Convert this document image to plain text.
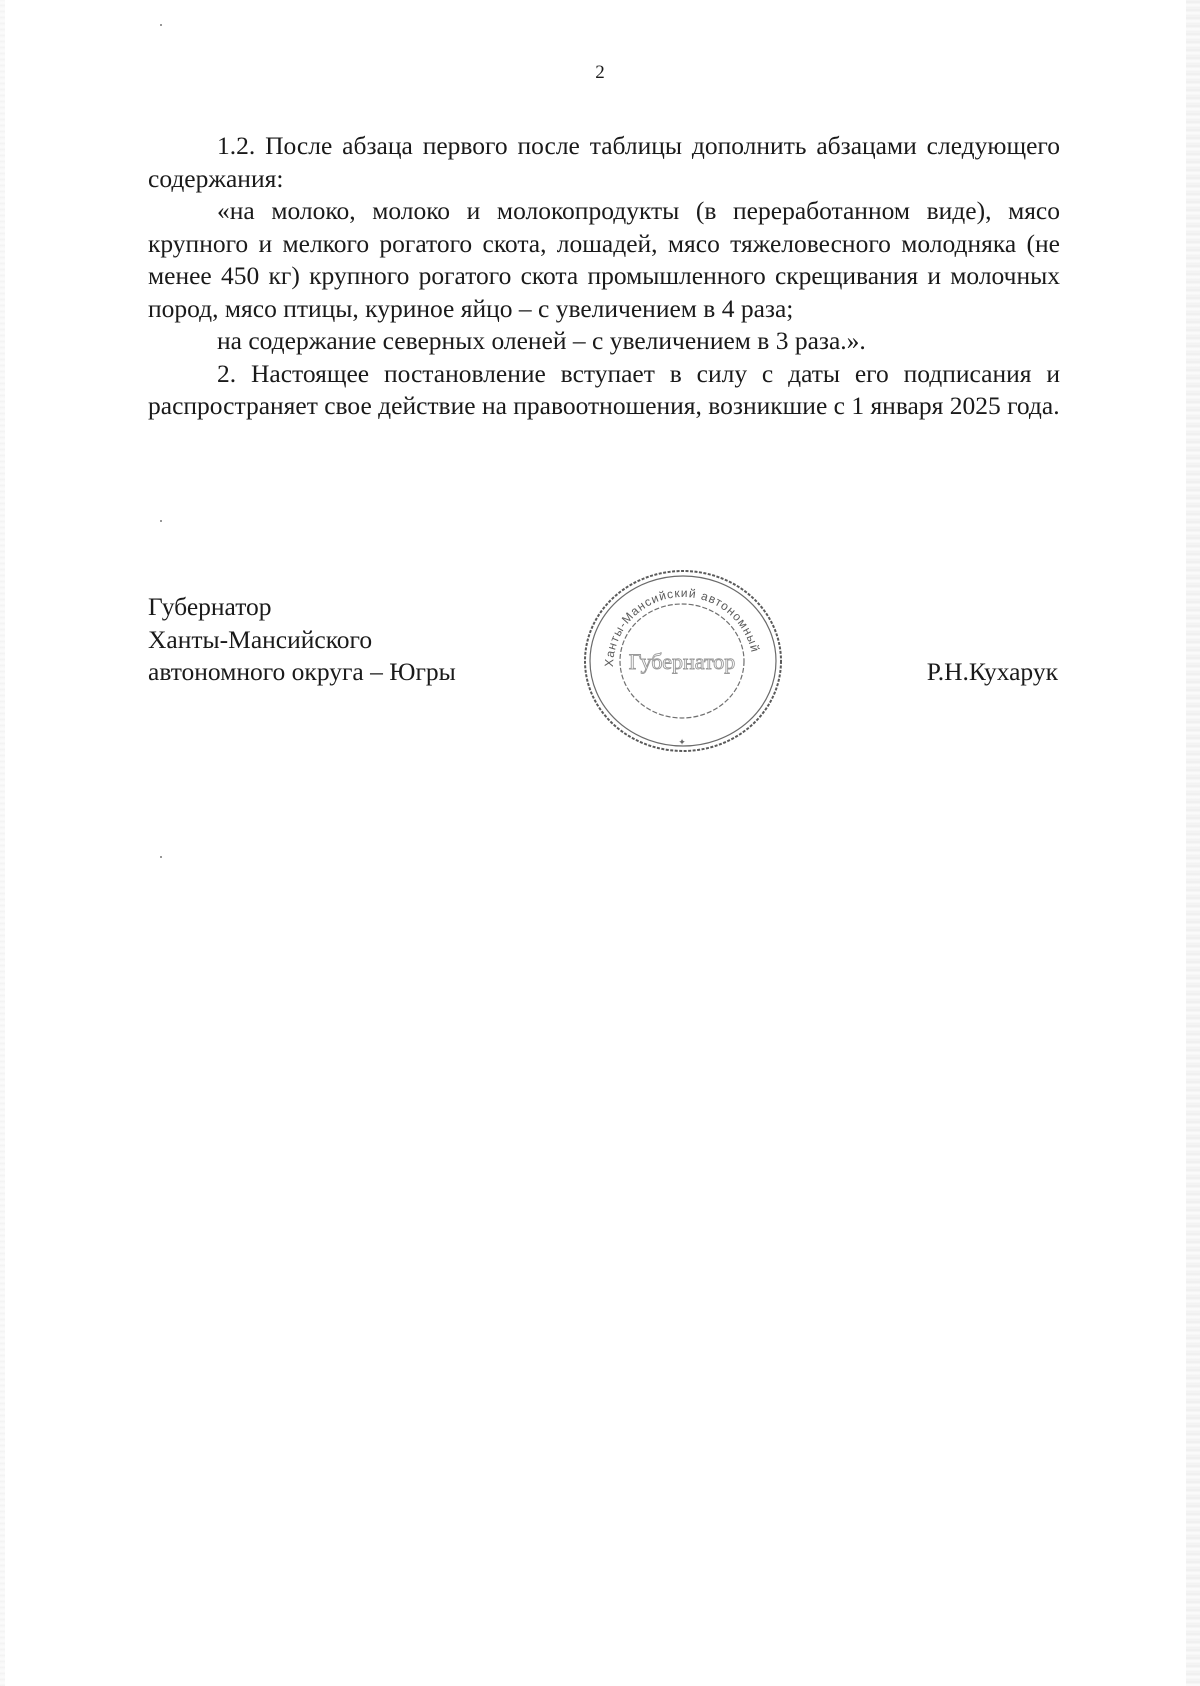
2

1.2. После абзаца первого после таблицы дополнить абзацами следующего содержания:

«на молоко, молоко и молокопродукты (в переработанном виде), мясо крупного и мелкого рогатого скота, лошадей, мясо тяжеловесного молодняка (не менее 450 кг) крупного рогатого скота промышленного скрещивания и молочных пород, мясо птицы, куриное яйцо – с увеличением в 4 раза;

на содержание северных оленей – с увеличением в 3 раза.».

2. Настоящее постановление вступает в силу с даты его подписания и распространяет свое действие на правоотношения, возникшие с 1 января 2025 года.

Губернатор
Ханты-Мансийского
автономного округа – Югры	Ханты-Мансийский автономный
Губернатор
✦
Р.Н.Кухарук
